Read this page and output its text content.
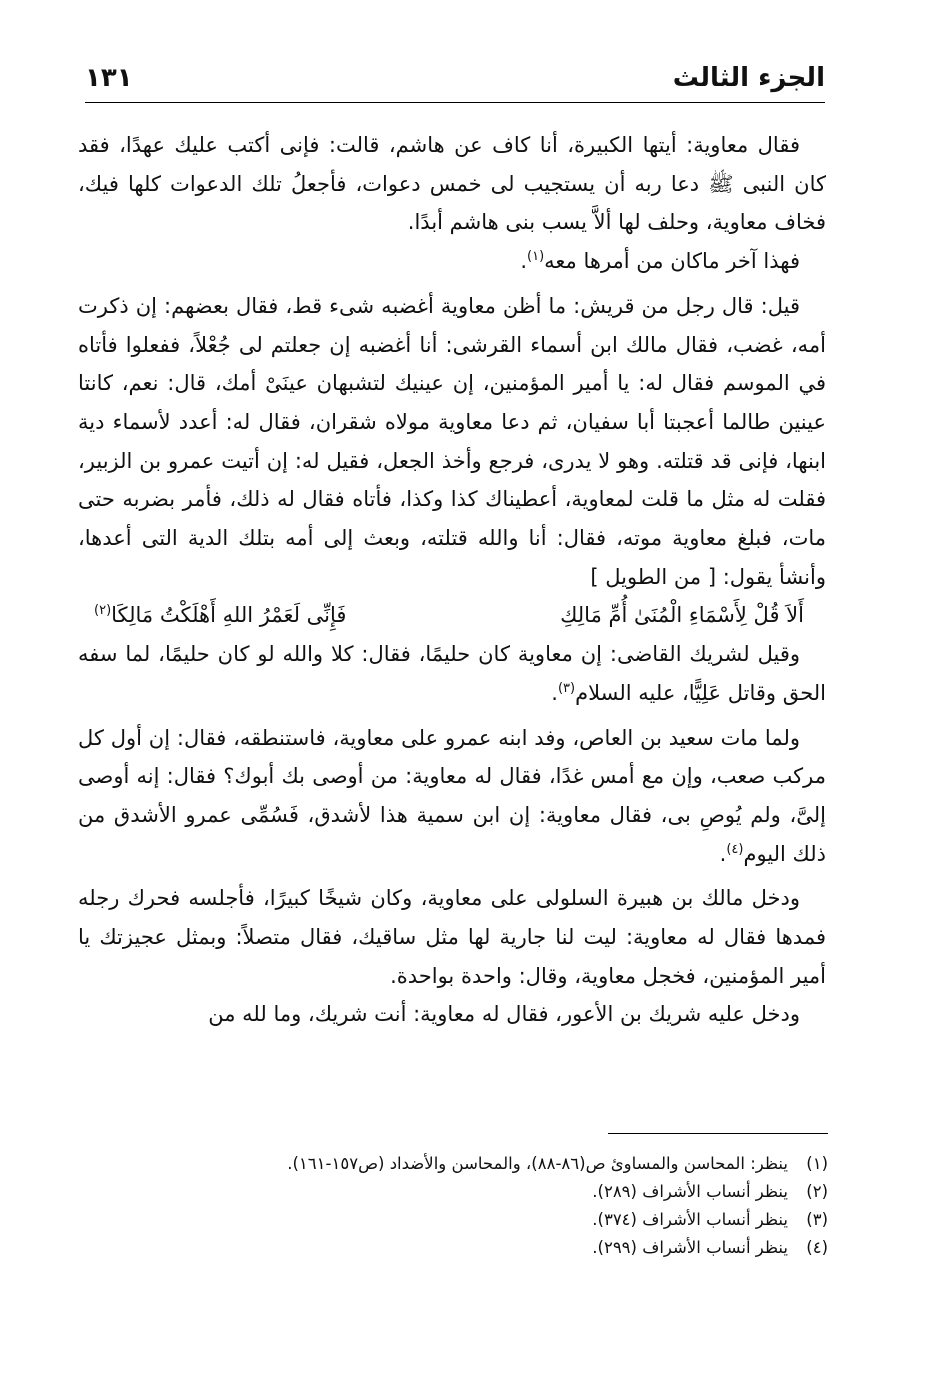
الجزء الثالث
١٣١

فقال معاوية: أيتها الكبيرة، أنا كاف عن هاشم، قالت: فإنى أكتب عليك عهدًا، فقد كان النبى ﷺ دعا ربه أن يستجيب لى خمس دعوات، فأجعلُ تلك الدعوات كلها فيك، فخاف معاوية، وحلف لها ألاَّ يسب بنى هاشم أبدًا.

فهذا آخر ماكان من أمرها معه$^{(١)}$.

قيل: قال رجل من قريش: ما أظن معاوية أغضبه شىء قط، فقال بعضهم: إن ذكرت أمه، غضب، فقال مالك ابن أسماء القرشى: أنا أغضبه إن جعلتم لى جُعْلاً، ففعلوا فأتاه في الموسم فقال له: يا أمير المؤمنين، إن عينيك لتشبهان عينَىْ أمك، قال: نعم، كانتا عينين طالما أعجبتا أبا سفيان، ثم دعا معاوية مولاه شقران، فقال له: أعدد لأسماء دية ابنها، فإنى قد قتلته. وهو لا يدرى، فرجع وأخذ الجعل، فقيل له: إن أتيت عمرو بن الزبير، فقلت له مثل ما قلت لمعاوية، أعطيناك كذا وكذا، فأتاه فقال له ذلك، فأمر بضربه حتى مات، فبلغ معاوية موته، فقال: أنا والله قتلته، وبعث إلى أمه بتلك الدية التى أعدها، وأنشأ يقول: [ من الطويل ]

أَلاَ قُلْ لِأَسْمَاءِ الْمُنَىٰ أُمِّ مَالِكِ
فَإِنِّى لَعَمْرُ اللهِ أَهْلَكْتُ مَالِكَا$^{(٢)}$

وقيل لشريك القاضى: إن معاوية كان حليمًا، فقال: كلا والله لو كان حليمًا، لما سفه الحق وقاتل عَلِيًّا، عليه السلام$^{(٣)}$.

ولما مات سعيد بن العاص، وفد ابنه عمرو على معاوية، فاستنطقه، فقال: إن أول كل مركب صعب، وإن مع أمس غدًا، فقال له معاوية: من أوصى بك أبوك؟ فقال: إنه أوصى إلىَّ، ولم يُوصِ بى، فقال معاوية: إن ابن سمية هذا لأشدق، فَسُمِّى عمرو الأشدق من ذلك اليوم$^{(٤)}$.

ودخل مالك بن هبيرة السلولى على معاوية، وكان شيخًا كبيرًا، فأجلسه فحرك رجله فمدها فقال له معاوية: ليت لنا جارية لها مثل ساقيك، فقال متصلاً: وبمثل عجيزتك يا أمير المؤمنين، فخجل معاوية، وقال: واحدة بواحدة.

ودخل عليه شريك بن الأعور، فقال له معاوية: أنت شريك، وما لله من

(١)
ينظر: المحاسن والمساوئ ص(٨٦-٨٨)، والمحاسن والأضداد (ص١٥٧-١٦١).
(٢)
ينظر أنساب الأشراف (٢٨٩).
(٣)
ينظر أنساب الأشراف (٣٧٤).
(٤)
ينظر أنساب الأشراف (٢٩٩).
